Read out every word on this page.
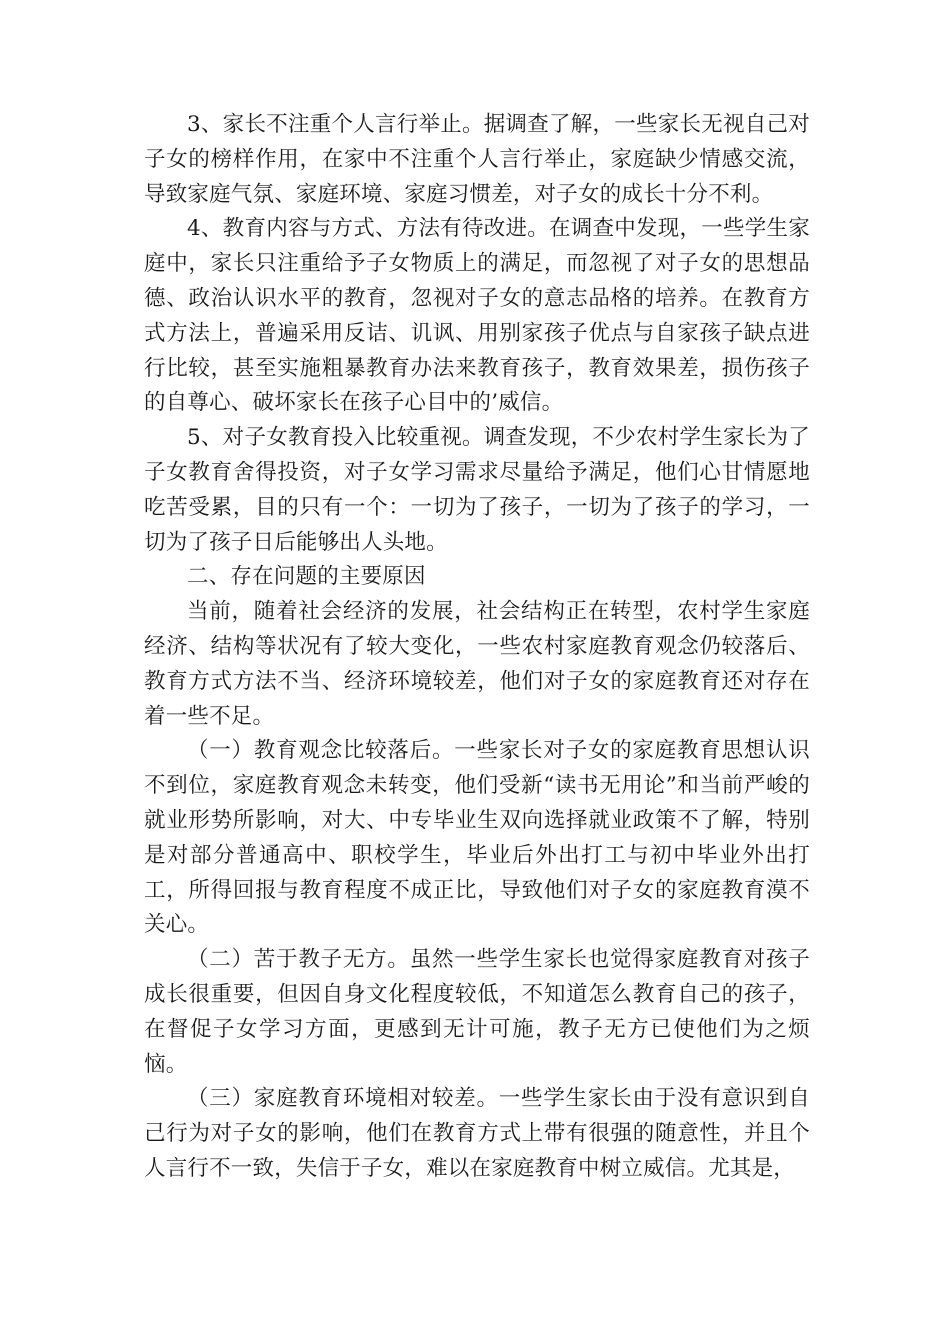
3、家长不注重个人言行举止。据调查了解，一些家长无视自己对子女的榜样作用，在家中不注重个人言行举止，家庭缺少情感交流，导致家庭气氛、家庭环境、家庭习惯差，对子女的成长十分不利。

4、教育内容与方式、方法有待改进。在调查中发现，一些学生家庭中，家长只注重给予子女物质上的满足，而忽视了对子女的思想品德、政治认识水平的教育，忽视对子女的意志品格的培养。在教育方式方法上，普遍采用反诘、讥讽、用别家孩子优点与自家孩子缺点进行比较，甚至实施粗暴教育办法来教育孩子，教育效果差，损伤孩子的自尊心、破坏家长在孩子心目中的’威信。

5、对子女教育投入比较重视。调查发现，不少农村学生家长为了子女教育舍得投资，对子女学习需求尽量给予满足，他们心甘情愿地吃苦受累，目的只有一个：一切为了孩子，一切为了孩子的学习，一切为了孩子日后能够出人头地。

二、存在问题的主要原因

当前，随着社会经济的发展，社会结构正在转型，农村学生家庭经济、结构等状况有了较大变化，一些农村家庭教育观念仍较落后、教育方式方法不当、经济环境较差，他们对子女的家庭教育还对存在着一些不足。

（一）教育观念比较落后。一些家长对子女的家庭教育思想认识不到位，家庭教育观念未转变，他们受新“读书无用论”和当前严峻的就业形势所影响，对大、中专毕业生双向选择就业政策不了解，特别是对部分普通高中、职校学生，毕业后外出打工与初中毕业外出打工，所得回报与教育程度不成正比，导致他们对子女的家庭教育漠不关心。

（二）苦于教子无方。虽然一些学生家长也觉得家庭教育对孩子成长很重要，但因自身文化程度较低，不知道怎么教育自己的孩子，在督促子女学习方面，更感到无计可施，教子无方已使他们为之烦恼。

（三）家庭教育环境相对较差。一些学生家长由于没有意识到自己行为对子女的影响，他们在教育方式上带有很强的随意性，并且个人言行不一致，失信于子女，难以在家庭教育中树立威信。尤其是，
